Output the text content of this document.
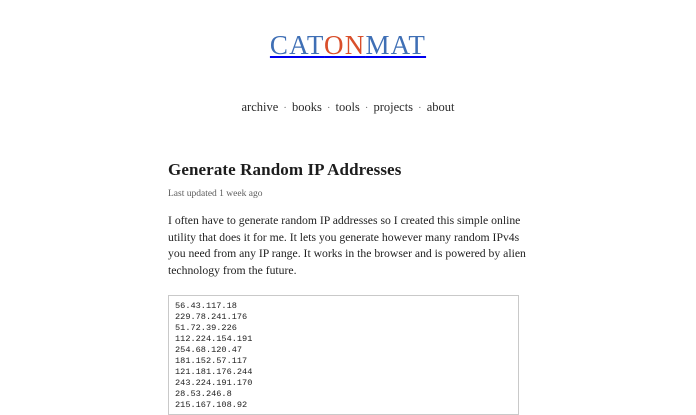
CATONMAT
archive · books · tools · projects · about
Generate Random IP Addresses
Last updated 1 week ago

I often have to generate random IP addresses so I created this simple online utility that does it for me. It lets you generate however many random IPv4s you need from any IP range. It works in the browser and is powered by alien technology from the future.

56.43.117.18 229.78.241.176 51.72.39.226 112.224.154.191 254.68.120.47 181.152.57.117 121.181.176.244 243.224.191.170 28.53.246.8 215.167.108.92
